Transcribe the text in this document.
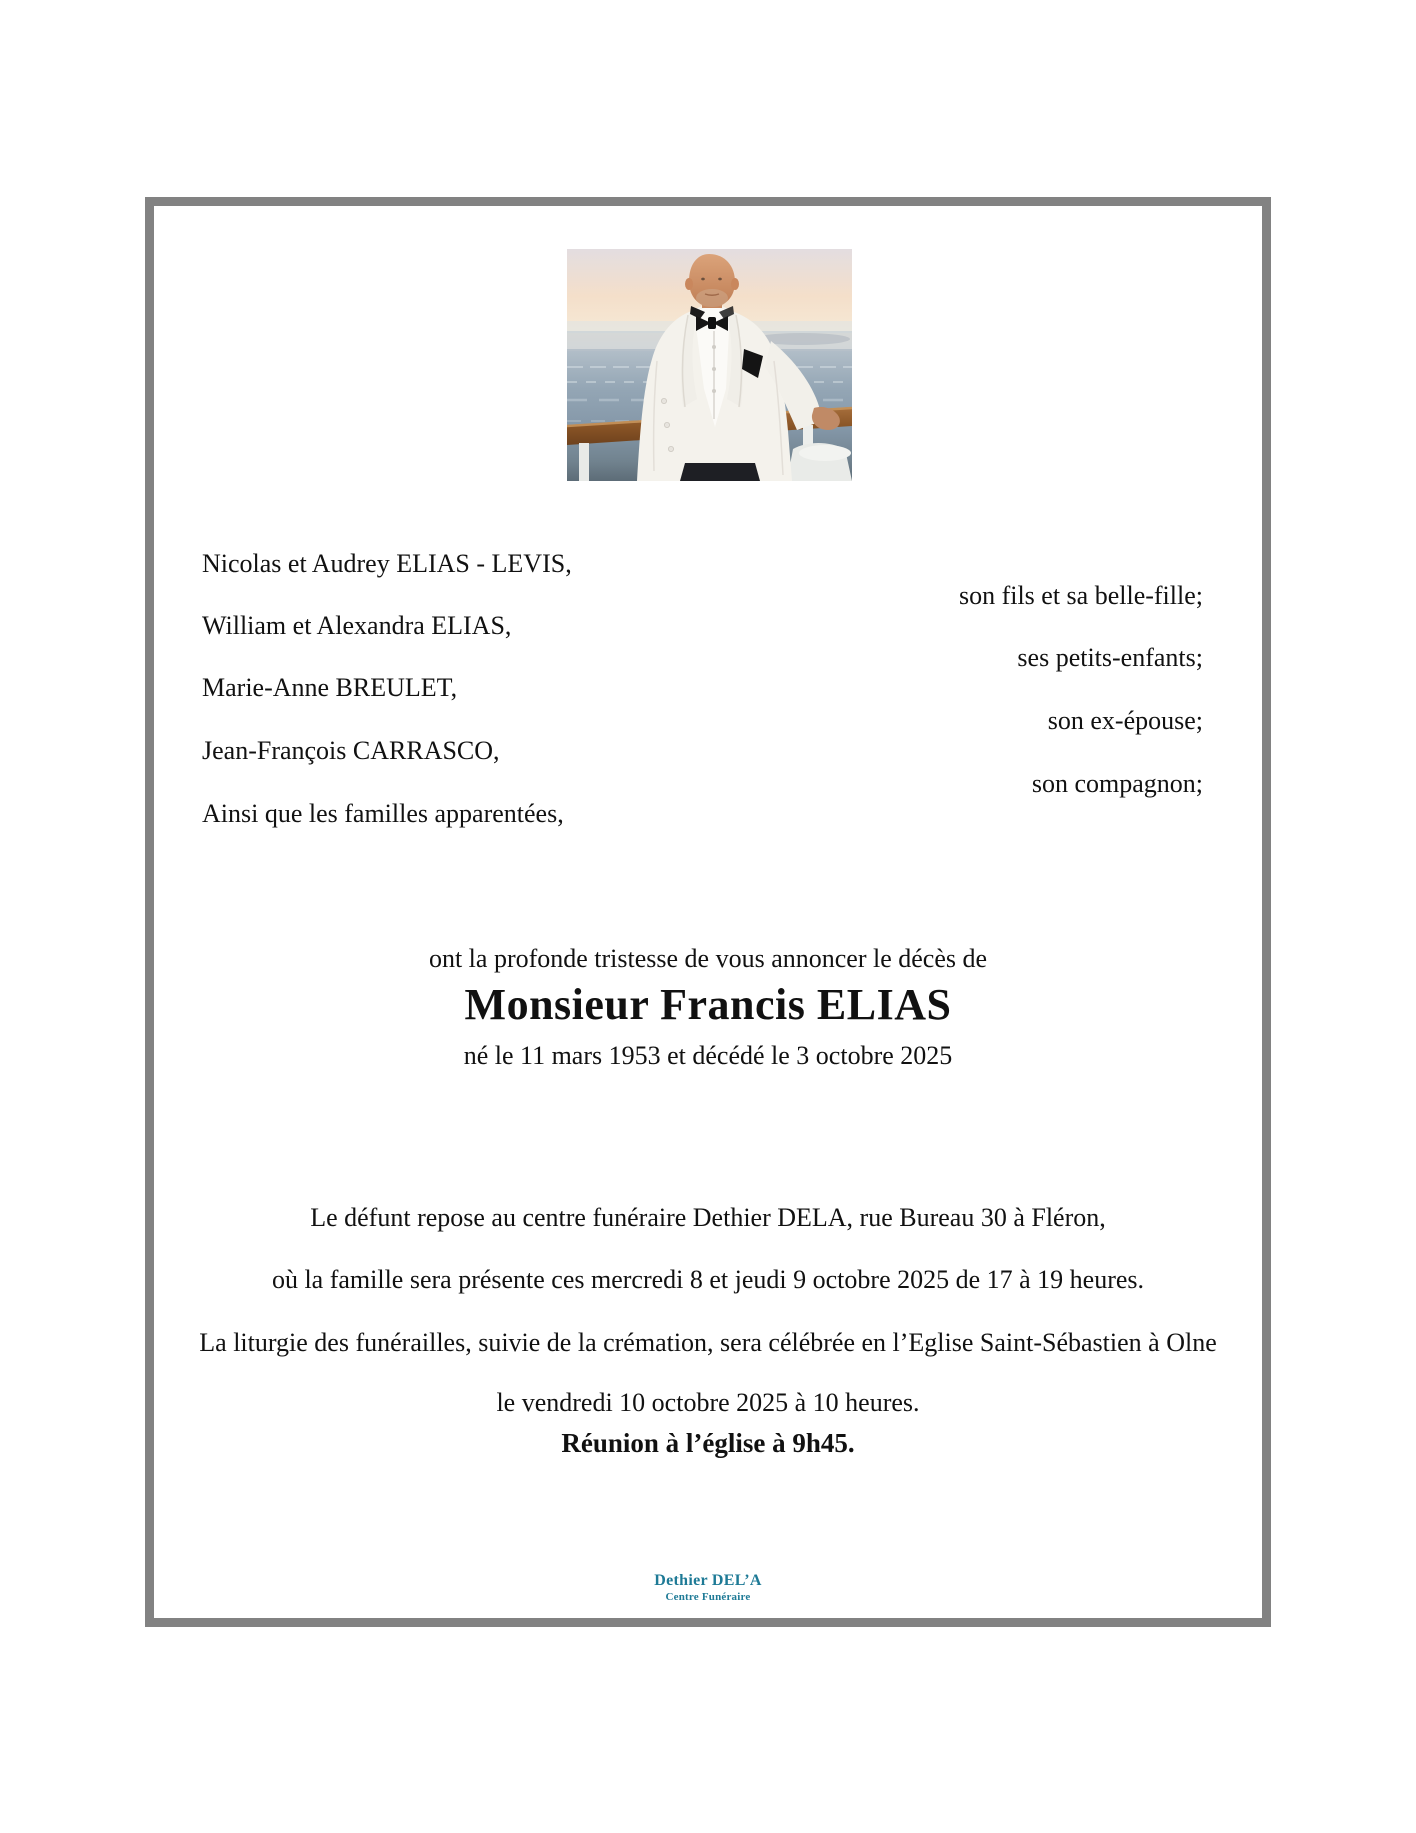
Nicolas et Audrey ELIAS - LEVIS,
William et Alexandra ELIAS,
Marie-Anne BREULET,
Jean-François CARRASCO,
Ainsi que les familles apparentées,
son fils et sa belle-fille;
ses petits-enfants;
son ex-épouse;
son compagnon;
ont la profonde tristesse de vous annoncer le décès de
Monsieur Francis ELIAS
né le 11 mars 1953 et décédé le 3 octobre 2025

Le défunt repose au centre funéraire Dethier DELA, rue Bureau 30 à Fléron,

où la famille sera présente ces mercredi 8 et jeudi 9 octobre 2025 de 17 à 19 heures.

La liturgie des funérailles, suivie de la crémation, sera célébrée en l’Eglise Saint-Sébastien à Olne

le vendredi 10 octobre 2025 à 10 heures.

Réunion à l’église à 9h45.
Dethier DEL’A
Centre Funéraire
